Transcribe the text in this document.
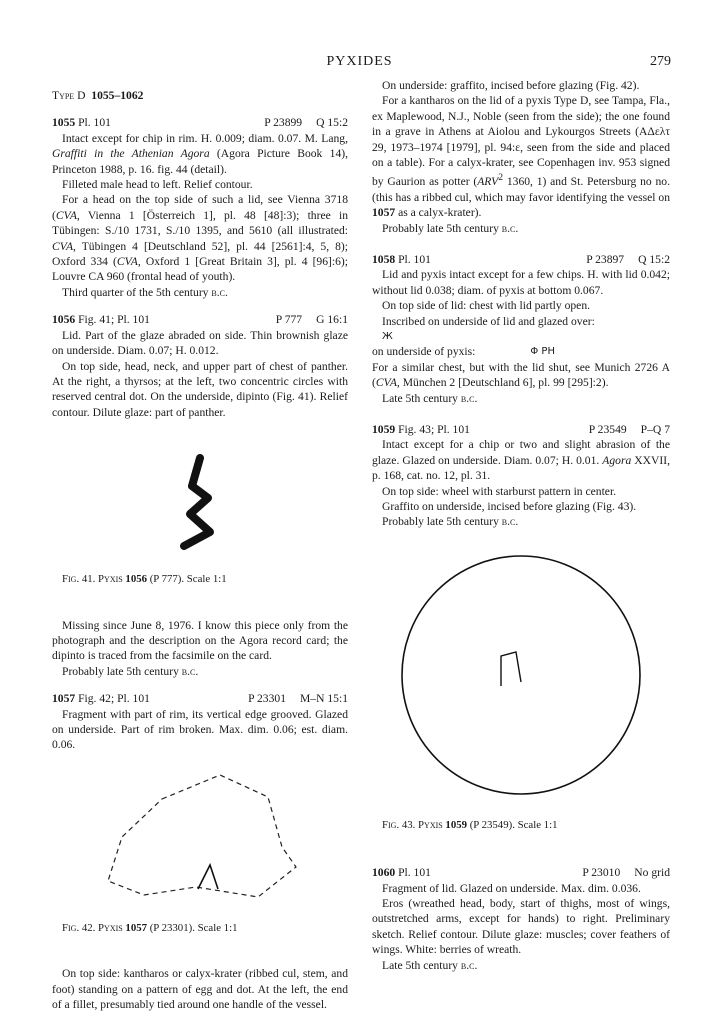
PYXIDES	279

Type D 1055–1062

1055 Pl. 101	P 23899 Q 15:2

Intact except for chip in rim. H. 0.009; diam. 0.07. M. Lang, Graffiti in the Athenian Agora (Agora Picture Book 14), Princeton 1988, p. 16. fig. 44 (detail).

Filleted male head to left. Relief contour.

For a head on the top side of such a lid, see Vienna 3718 (CVA, Vienna 1 [Österreich 1], pl. 48 [48]:3); three in Tübingen: S./10 1731, S./10 1395, and 5610 (all illustrated: CVA, Tübingen 4 [Deutschland 52], pl. 44 [2561]:4, 5, 8); Oxford 334 (CVA, Oxford 1 [Great Britain 3], pl. 4 [96]:6); Louvre CA 960 (frontal head of youth).

Third quarter of the 5th century b.c.

1056 Fig. 41; Pl. 101	P 777 G 16:1

Lid. Part of the glaze abraded on side. Thin brownish glaze on underside. Diam. 0.07; H. 0.012.

On top side, head, neck, and upper part of chest of panther. At the right, a thyrsos; at the left, two concentric circles with reserved central dot. On the underside, dipinto (Fig. 41). Relief contour. Dilute glaze: part of panther.

Fig. 41. Pyxis 1056 (P 777). Scale 1:1

Missing since June 8, 1976. I know this piece only from the photograph and the description on the Agora record card; the dipinto is traced from the facsimile on the card.

Probably late 5th century b.c.

1057 Fig. 42; Pl. 101	P 23301 M–N 15:1

Fragment with part of rim, its vertical edge grooved. Glazed on underside. Part of rim broken. Max. dim. 0.06; est. diam. 0.06.

Fig. 42. Pyxis 1057 (P 23301). Scale 1:1

On top side: kantharos or calyx-krater (ribbed cul, stem, and foot) standing on a pattern of egg and dot. At the left, the end of a fillet, presumably tied around one handle of the vessel.

On underside: graffito, incised before glazing (Fig. 42).

For a kantharos on the lid of a pyxis Type D, see Tampa, Fla., ex Maplewood, N.J., Noble (seen from the side); the one found in a grave in Athens at Aiolou and Lykourgos Streets (ΑΔελτ 29, 1973–1974 [1979], pl. 94:ε, seen from the side and placed on a table). For a calyx-krater, see Copenhagen inv. 953 signed by Gaurion as potter (ARV$^2$ 1360, 1) and St. Petersburg no no. (this has a ribbed cul, which may favor identifying the vessel on 1057 as a calyx-krater).

Probably late 5th century b.c.

1058 Pl. 101	P 23897 Q 15:2

Lid and pyxis intact except for a few chips. H. with lid 0.042; without lid 0.038; diam. of pyxis at bottom 0.067.

On top side of lid: chest with lid partly open.

Inscribed on underside of lid and glazed over:

Ж

on underside of pyxis:	Φ PH

For a similar chest, but with the lid shut, see Munich 2726 A (CVA, München 2 [Deutschland 6], pl. 99 [295]:2).

Late 5th century b.c.

1059 Fig. 43; Pl. 101	P 23549 P–Q 7

Intact except for a chip or two and slight abrasion of the glaze. Glazed on underside. Diam. 0.07; H. 0.01. Agora XXVII, p. 168, cat. no. 12, pl. 31.

On top side: wheel with starburst pattern in center.

Graffito on underside, incised before glazing (Fig. 43).

Probably late 5th century b.c.

Fig. 43. Pyxis 1059 (P 23549). Scale 1:1

1060 Pl. 101	P 23010 No grid

Fragment of lid. Glazed on underside. Max. dim. 0.036.

Eros (wreathed head, body, start of thighs, most of wings, outstretched arms, except for hands) to right. Preliminary sketch. Relief contour. Dilute glaze: muscles; cover feathers of wings. White: berries of wreath.

Late 5th century b.c.
